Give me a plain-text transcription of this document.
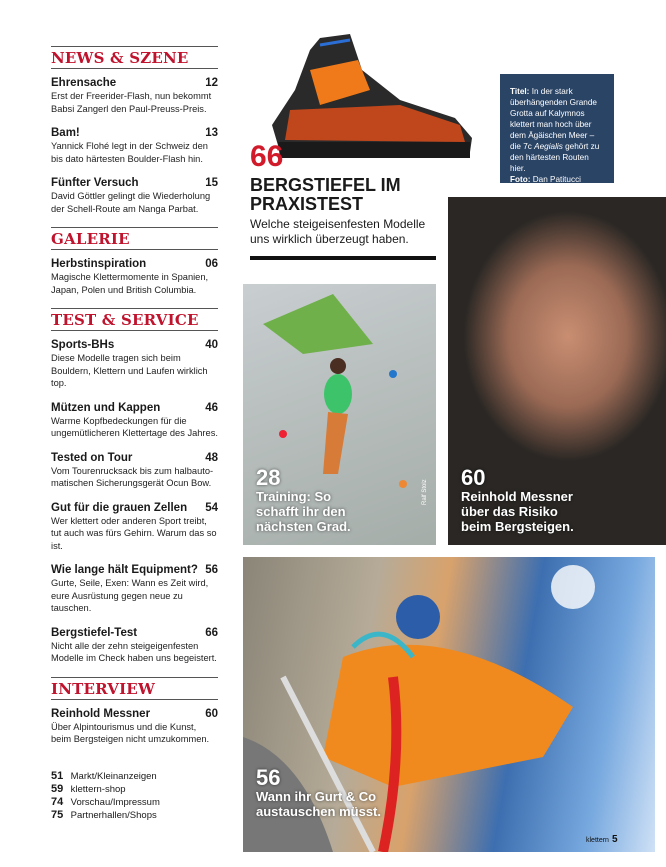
NEWS & SZENE
Ehrensache	12
Erst der Freerider-Flash, nun bekommt Babsi Zangerl den Paul-Preuss-Preis.
Bam!	13
Yannick Flohé legt in der Schweiz den bis dato härtesten Boulder-Flash hin.
Fünfter Versuch	15
David Göttler gelingt die Wiederholung der Schell-Route am Nanga Parbat.
GALERIE
Herbstinspiration	06
Magische Klettermomente in Spanien, Japan, Polen und British Columbia.
TEST & SERVICE
Sports-BHs	40
Diese Modelle tragen sich beim Bouldern, Klettern und Laufen wirklich top.
Mützen und Kappen	46
Warme Kopfbedeckungen für die ungemütlicheren Klettertage des Jahres.
Tested on Tour	48
Vom Tourenrucksack bis zum halbauto-matischen Sicherungsgerät Ocun Bow.
Gut für die grauen Zellen 54
Wer klettert oder anderen Sport treibt, tut auch was fürs Gehirn. Warum das so ist.
Wie lange hält Equipment? 56
Gurte, Seile, Exen: Wann es Zeit wird, eure Ausrüstung gegen neue zu tauschen.
Bergstiefel-Test	66
Nicht alle der zehn steigeigenfesten Modelle im Check haben uns begeistert.
INTERVIEW
Reinhold Messner	60
Über Alpintourismus und die Kunst, beim Bergsteigen nicht umzukommen.
51 Markt/Kleinanzeigen
59 klettern-shop
74 Vorschau/Impressum
75 Partnerhallen/Shops
Titel: In der stark überhängenden Grande Grotta auf Kalymnos klettert man hoch über dem Ägäischen Meer – die 7c Aegialis gehört zu den härtesten Routen hier.
Foto: Dan Patitucci
66
BERGSTIEFEL IM PRAXISTEST
Welche steigeisenfesten Modelle uns wirklich überzeugt haben.
28
Training: So schafft ihr den nächsten Grad.
Ralf Stolz
60
Reinhold Messner über das Risiko beim Bergsteigen.
56
Wann ihr Gurt & Co austauschen müsst.
klettern 5
